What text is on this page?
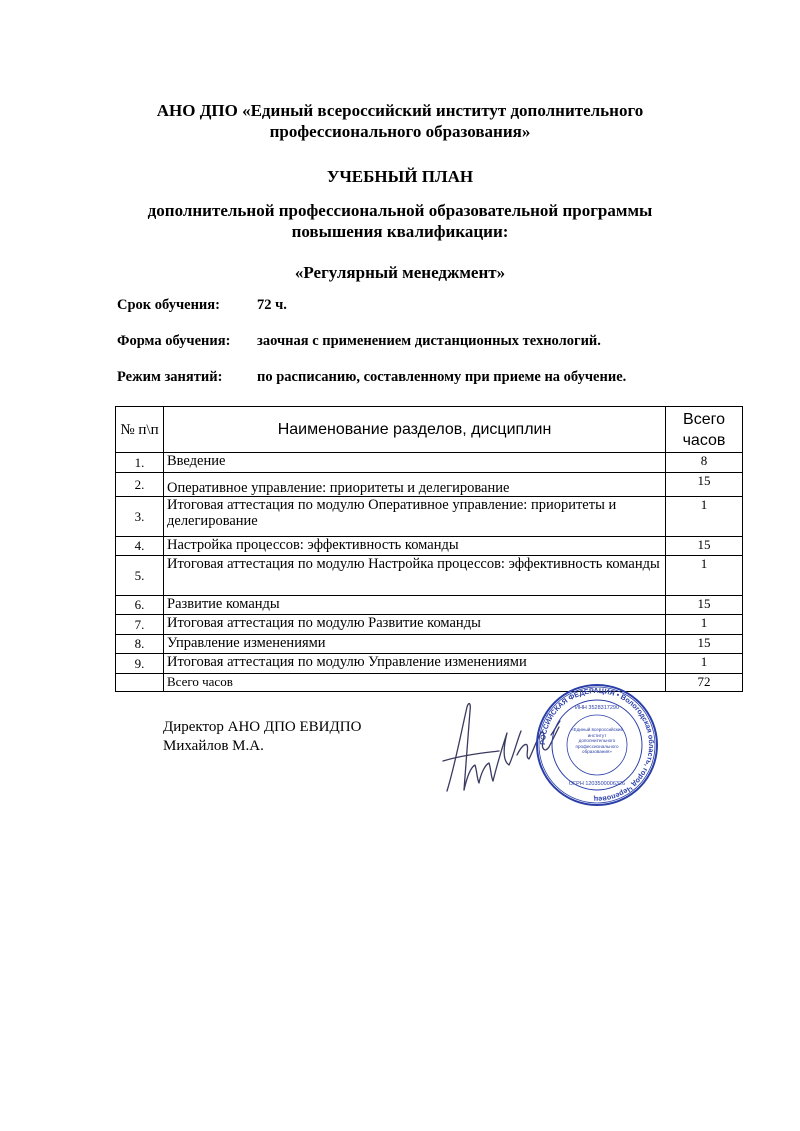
АНО ДПО «Единый всероссийский институт дополнительного
профессионального образования»
УЧЕБНЫЙ ПЛАН
дополнительной профессиональной образовательной программы
повышения квалификации:
«Регулярный менеджмент»
Срок обучения:	72 ч.
Форма обучения: заочная с применением дистанционных технологий.
Режим занятий: по расписанию, составленному при приеме на обучение.
№ п\п	Наименование разделов, дисциплин	Всего часов
1.	Введение	8
2.	Оперативное управление: приоритеты и делегирование	15
3.	Итоговая аттестация по модулю Оперативное управление: приоритеты и делегирование	1
4.	Настройка процессов: эффективность команды	15
5.	Итоговая аттестация по модулю Настройка процессов: эффективность команды	1
6.	Развитие команды	15
7.	Итоговая аттестация по модулю Развитие команды	1
8.	Управление изменениями	15
9.	Итоговая аттестация по модулю Управление изменениями	1
	Всего часов	72
Директор АНО ДПО ЕВИДПО
Михайлов М.А.	РОССИЙСКАЯ ФЕДЕРАЦИЯ • Вологодская область, город Череповец
ИНН 3528317290
ОГРН 1203500006326
«Единый всероссийский институт дополнительного профессионального образования»
